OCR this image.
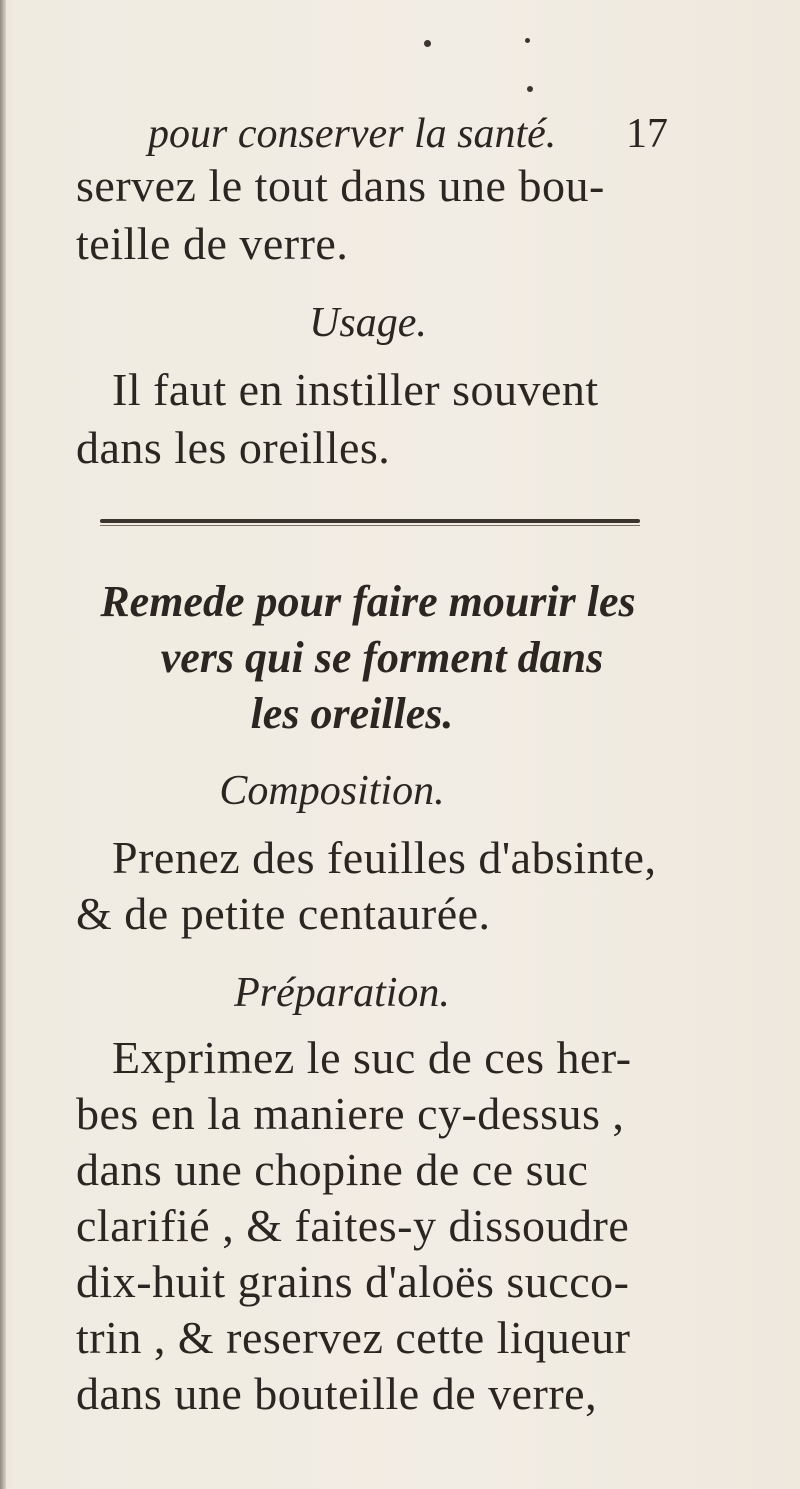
pour conserver la santé. 17
servez le tout dans une bou-
teille de verre.
Usage.
Il faut en instiller souvent
dans les oreilles.
Remede pour faire mourir les
vers qui se forment dans
les oreilles.
Composition.
Prenez des feuilles d'absinte,
& de petite centaurée.
Préparation.
Exprimez le suc de ces her-
bes en la maniere cy-dessus ,
dans une chopine de ce suc
clarifié , & faites-y dissoudre
dix-huit grains d'aloës succo-
trin , & reservez cette liqueur
dans une bouteille de verre,
